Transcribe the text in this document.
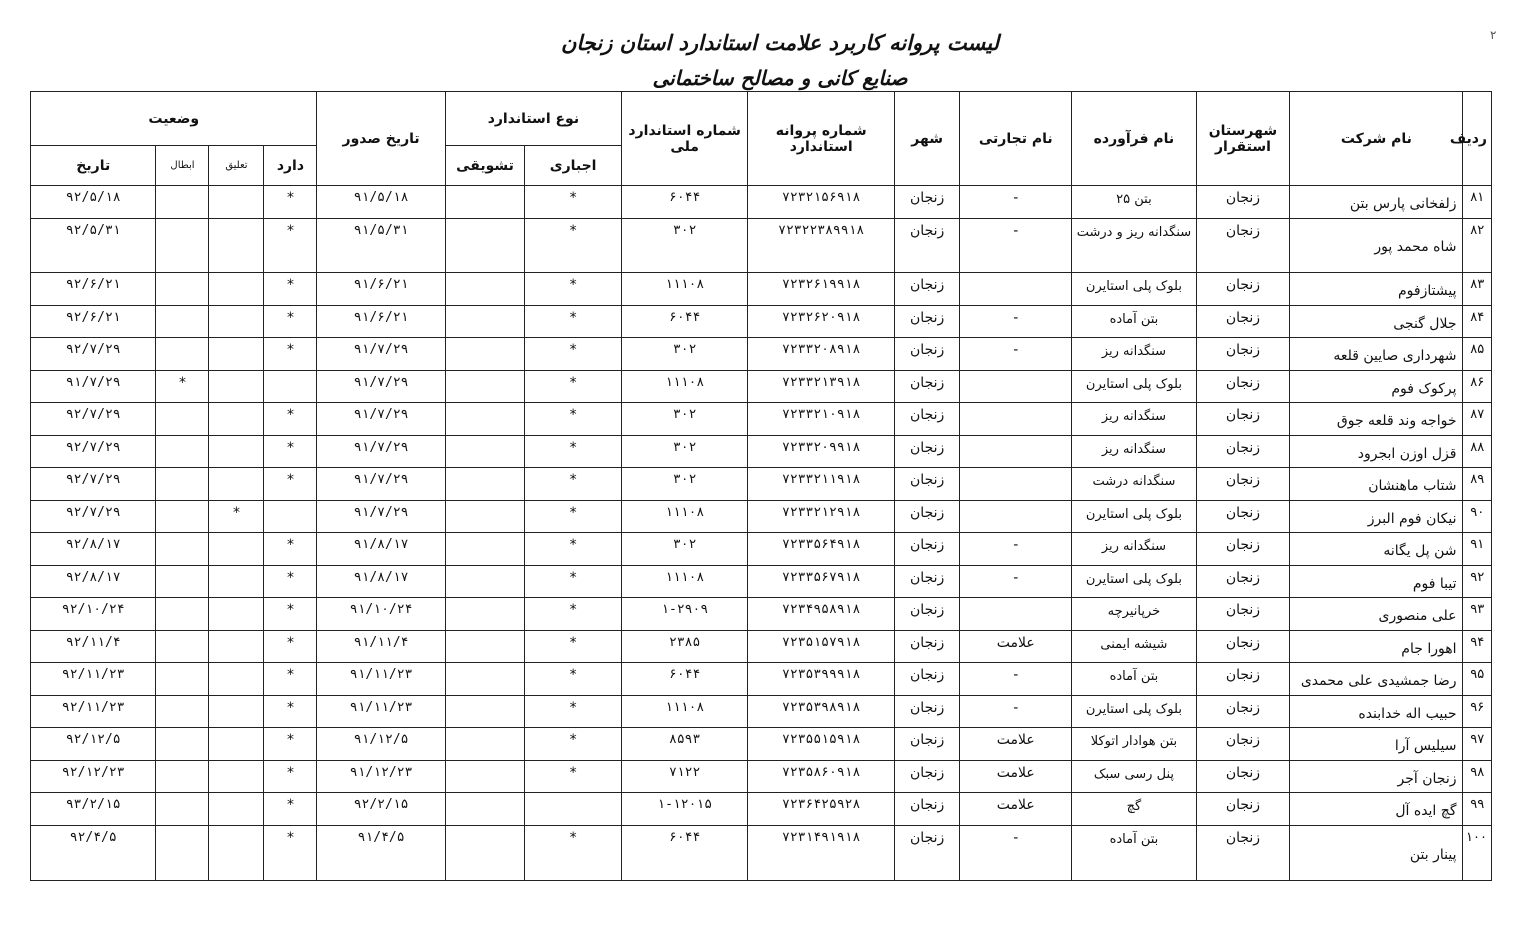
لیست پروانه کاربرد علامت استاندارد استان زنجان
صنایع کانی و مصالح ساختمانی
۲
ردیف	نام شرکت	شهرستان استقرار	نام فرآورده	نام تجارتی	شهر	شماره پروانه استاندارد	شماره استاندارد ملی	نوع استاندارد		تاریخ صدور	وضعیت			
								اجباری	تشویقی		دارد	تعلیق	ابطال	تاریخ
۸۱	زلفخانی پارس بتن	زنجان	بتن ۲۵	-	زنجان	۷۲۳۲۱۵۶۹۱۸	۶۰۴۴	*		۹۱/۵/۱۸	*			۹۲/۵/۱۸
۸۲	شاه محمد پور	زنجان	سنگدانه ریز و درشت	-	زنجان	۷۲۳۲۲۳۸۹۹۱۸	۳۰۲	*		۹۱/۵/۳۱	*			۹۲/۵/۳۱
۸۳	پیشتازفوم	زنجان	بلوک پلی استایرن		زنجان	۷۲۳۲۶۱۹۹۱۸	۱۱۱۰۸	*		۹۱/۶/۲۱	*			۹۲/۶/۲۱
۸۴	جلال گنجی	زنجان	بتن آماده	-	زنجان	۷۲۳۲۶۲۰۹۱۸	۶۰۴۴	*		۹۱/۶/۲۱	*			۹۲/۶/۲۱
۸۵	شهرداری صایین قلعه	زنجان	سنگدانه ریز	-	زنجان	۷۲۳۳۲۰۸۹۱۸	۳۰۲	*		۹۱/۷/۲۹	*			۹۲/۷/۲۹
۸۶	پرکوک فوم	زنجان	بلوک پلی استایرن		زنجان	۷۲۳۳۲۱۳۹۱۸	۱۱۱۰۸	*		۹۱/۷/۲۹			*	۹۱/۷/۲۹
۸۷	خواجه وند قلعه جوق	زنجان	سنگدانه ریز		زنجان	۷۲۳۳۲۱۰۹۱۸	۳۰۲	*		۹۱/۷/۲۹	*			۹۲/۷/۲۹
۸۸	قزل اوزن ابجرود	زنجان	سنگدانه ریز		زنجان	۷۲۳۳۲۰۹۹۱۸	۳۰۲	*		۹۱/۷/۲۹	*			۹۲/۷/۲۹
۸۹	شتاب ماهنشان	زنجان	سنگدانه درشت		زنجان	۷۲۳۳۲۱۱۹۱۸	۳۰۲	*		۹۱/۷/۲۹	*			۹۲/۷/۲۹
۹۰	نیکان فوم البرز	زنجان	بلوک پلی استایرن		زنجان	۷۲۳۳۲۱۲۹۱۸	۱۱۱۰۸	*		۹۱/۷/۲۹		*		۹۲/۷/۲۹
۹۱	شن پل یگانه	زنجان	سنگدانه ریز	-	زنجان	۷۲۳۳۵۶۴۹۱۸	۳۰۲	*		۹۱/۸/۱۷	*			۹۲/۸/۱۷
۹۲	تیبا فوم	زنجان	بلوک پلی استایرن	-	زنجان	۷۲۳۳۵۶۷۹۱۸	۱۱۱۰۸	*		۹۱/۸/۱۷	*			۹۲/۸/۱۷
۹۳	علی منصوری	زنجان	خرپانیرچه		زنجان	۷۲۳۴۹۵۸۹۱۸	۱-۲۹۰۹	*		۹۱/۱۰/۲۴	*			۹۲/۱۰/۲۴
۹۴	اهورا جام	زنجان	شیشه ایمنی	علامت	زنجان	۷۲۳۵۱۵۷۹۱۸	۲۳۸۵	*		۹۱/۱۱/۴	*			۹۲/۱۱/۴
۹۵	رضا جمشیدی علی محمدی	زنجان	بتن آماده	-	زنجان	۷۲۳۵۳۹۹۹۱۸	۶۰۴۴	*		۹۱/۱۱/۲۳	*			۹۲/۱۱/۲۳
۹۶	حبیب اله خدابنده	زنجان	بلوک پلی استایرن	-	زنجان	۷۲۳۵۳۹۸۹۱۸	۱۱۱۰۸	*		۹۱/۱۱/۲۳	*			۹۲/۱۱/۲۳
۹۷	سیلیس آرا	زنجان	بتن هوادار اتوکلا	علامت	زنجان	۷۲۳۵۵۱۵۹۱۸	۸۵۹۳	*		۹۱/۱۲/۵	*			۹۲/۱۲/۵
۹۸	زنجان آجر	زنجان	پنل رسی سبک	علامت	زنجان	۷۲۳۵۸۶۰۹۱۸	۷۱۲۲	*		۹۱/۱۲/۲۳	*			۹۲/۱۲/۲۳
۹۹	گچ ایده آل	زنجان	گچ	علامت	زنجان	۷۲۳۶۴۲۵۹۲۸	۱-۱۲۰۱۵			۹۲/۲/۱۵	*			۹۳/۲/۱۵
۱۰۰	پینار بتن	زنجان	بتن آماده	-	زنجان	۷۲۳۱۴۹۱۹۱۸	۶۰۴۴	*		۹۱/۴/۵	*			۹۲/۴/۵
